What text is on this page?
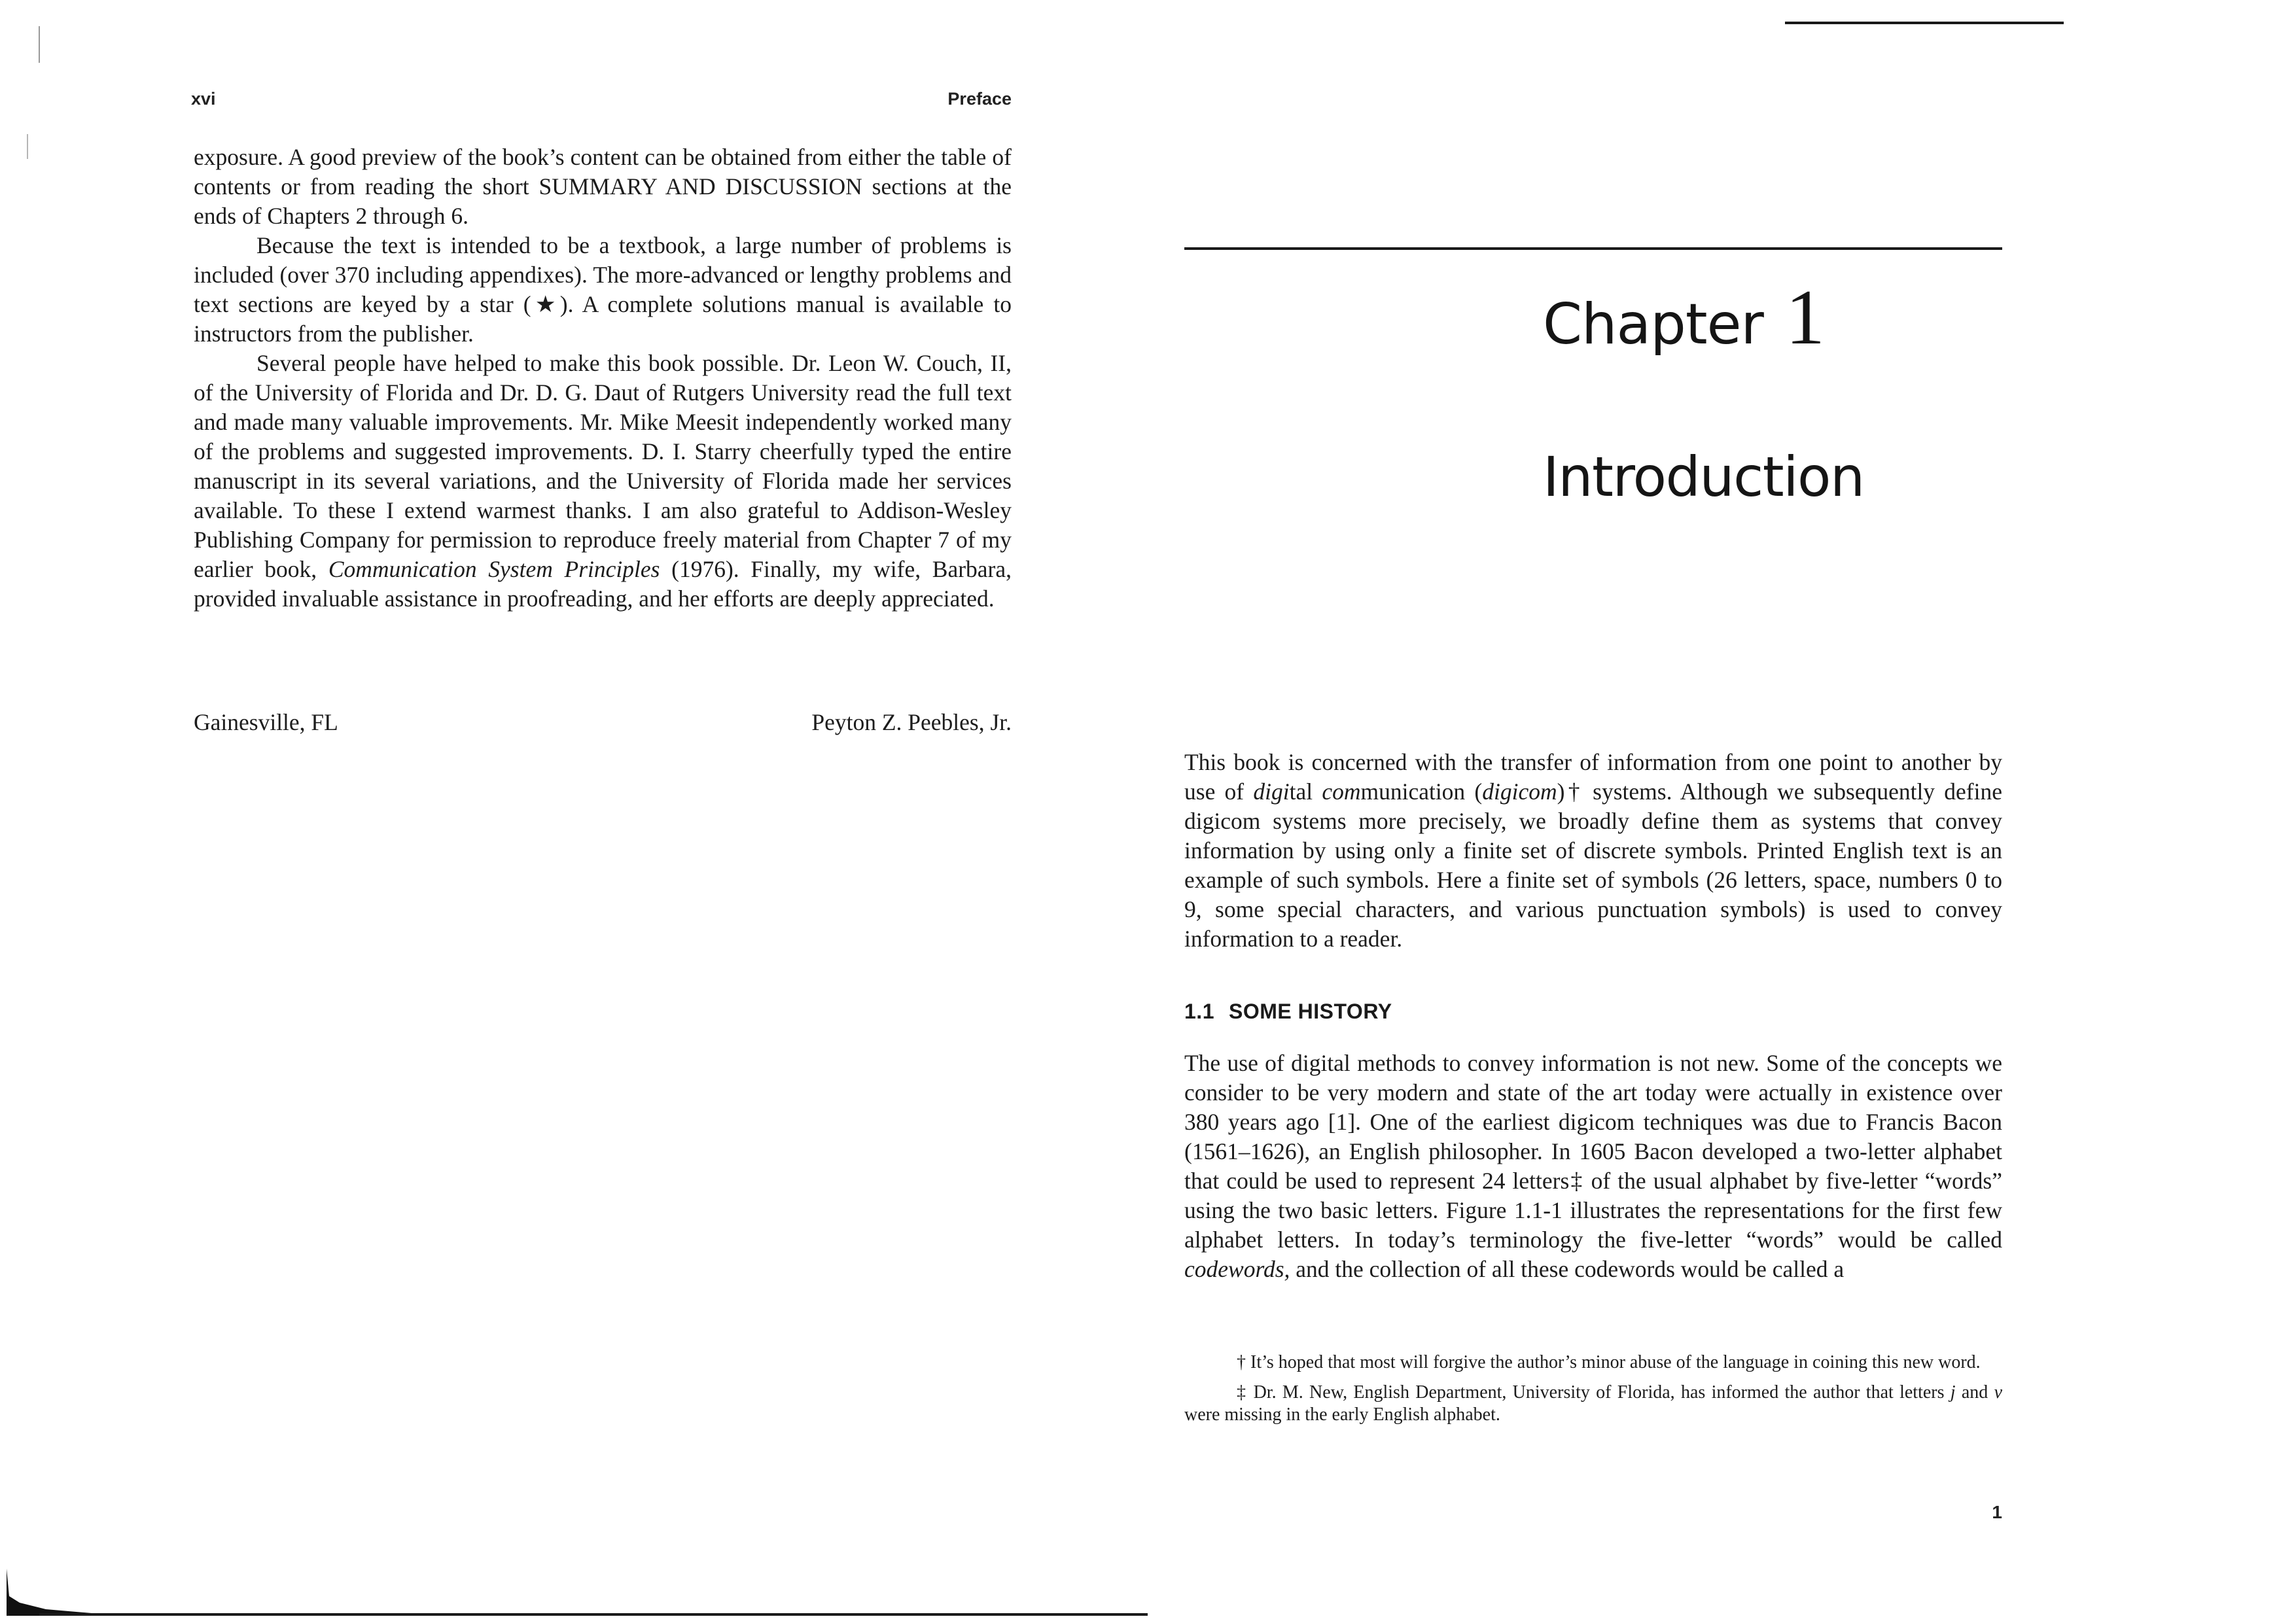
xvi	Preface

exposure. A good preview of the book’s content can be obtained from either the table of contents or from reading the short SUMMARY AND DISCUSSION sections at the ends of Chapters 2 through 6.

Because the text is intended to be a textbook, a large number of problems is included (over 370 including appendixes). The more-advanced or lengthy problems and text sections are keyed by a star (★). A complete solutions manual is available to instructors from the publisher.

Several people have helped to make this book possible. Dr. Leon W. Couch, II, of the University of Florida and Dr. D. G. Daut of Rutgers University read the full text and made many valuable improvements. Mr. Mike Meesit independently worked many of the problems and suggested improvements. D. I. Starry cheerfully typed the entire manuscript in its several variations, and the University of Florida made her services available. To these I extend warmest thanks. I am also grateful to Addison-Wesley Publishing Company for permission to reproduce freely material from Chapter 7 of my earlier book, Communication System Principles (1976). Finally, my wife, Barbara, provided invaluable assistance in proofreading, and her efforts are deeply appreciated.

Gainesville, FL	Peyton Z. Peebles, Jr.
Chapter 1
Introduction

This book is concerned with the transfer of information from one point to another by use of digital communication (digicom)† systems. Although we subsequently define digicom systems more precisely, we broadly define them as systems that convey information by using only a finite set of discrete symbols. Printed English text is an example of such symbols. Here a finite set of symbols (26 letters, space, numbers 0 to 9, some special characters, and various punctuation symbols) is used to convey information to a reader.

1.1 SOME HISTORY

The use of digital methods to convey information is not new. Some of the concepts we consider to be very modern and state of the art today were actually in existence over 380 years ago [1]. One of the earliest digicom techniques was due to Francis Bacon (1561–1626), an English philosopher. In 1605 Bacon developed a two-letter alphabet that could be used to represent 24 letters‡ of the usual alphabet by five-letter “words” using the two basic letters. Figure 1.1-1 illustrates the representations for the first few alphabet letters. In today’s terminology the five-letter “words” would be called codewords, and the collection of all these codewords would be called a

† It’s hoped that most will forgive the author’s minor abuse of the language in coining this new word.

‡ Dr. M. New, English Department, University of Florida, has informed the author that letters j and v were missing in the early English alphabet.

1
